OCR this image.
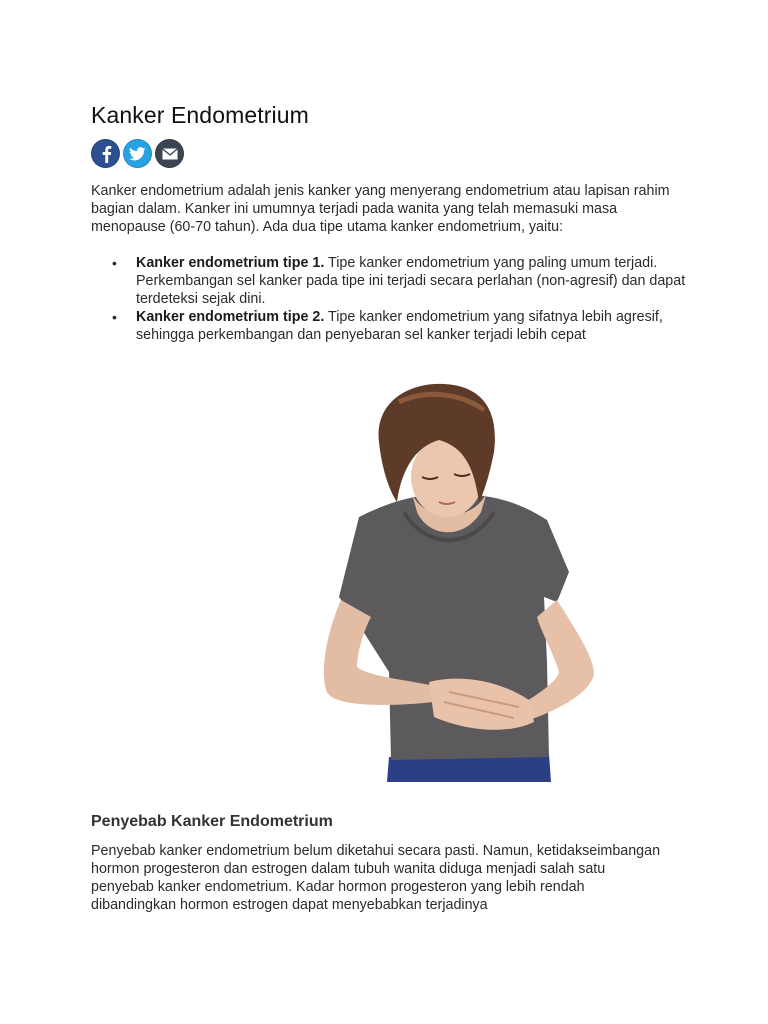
Kanker Endometrium

Kanker endometrium adalah jenis kanker yang menyerang endometrium atau lapisan rahim bagian dalam. Kanker ini umumnya terjadi pada wanita yang telah memasuki masa menopause (60-70 tahun). Ada dua tipe utama kanker endometrium, yaitu:

• Kanker endometrium tipe 1. Tipe kanker endometrium yang paling umum terjadi. Perkembangan sel kanker pada tipe ini terjadi secara perlahan (non-agresif) dan dapat terdeteksi sejak dini.
• Kanker endometrium tipe 2. Tipe kanker endometrium yang sifatnya lebih agresif, sehingga perkembangan dan penyebaran sel kanker terjadi lebih cepat
Penyebab Kanker Endometrium

Penyebab kanker endometrium belum diketahui secara pasti. Namun, ketidakseimbangan hormon progesteron dan estrogen dalam tubuh wanita diduga menjadi salah satu penyebab kanker endometrium. Kadar hormon progesteron yang lebih rendah dibandingkan hormon estrogen dapat menyebabkan terjadinya
